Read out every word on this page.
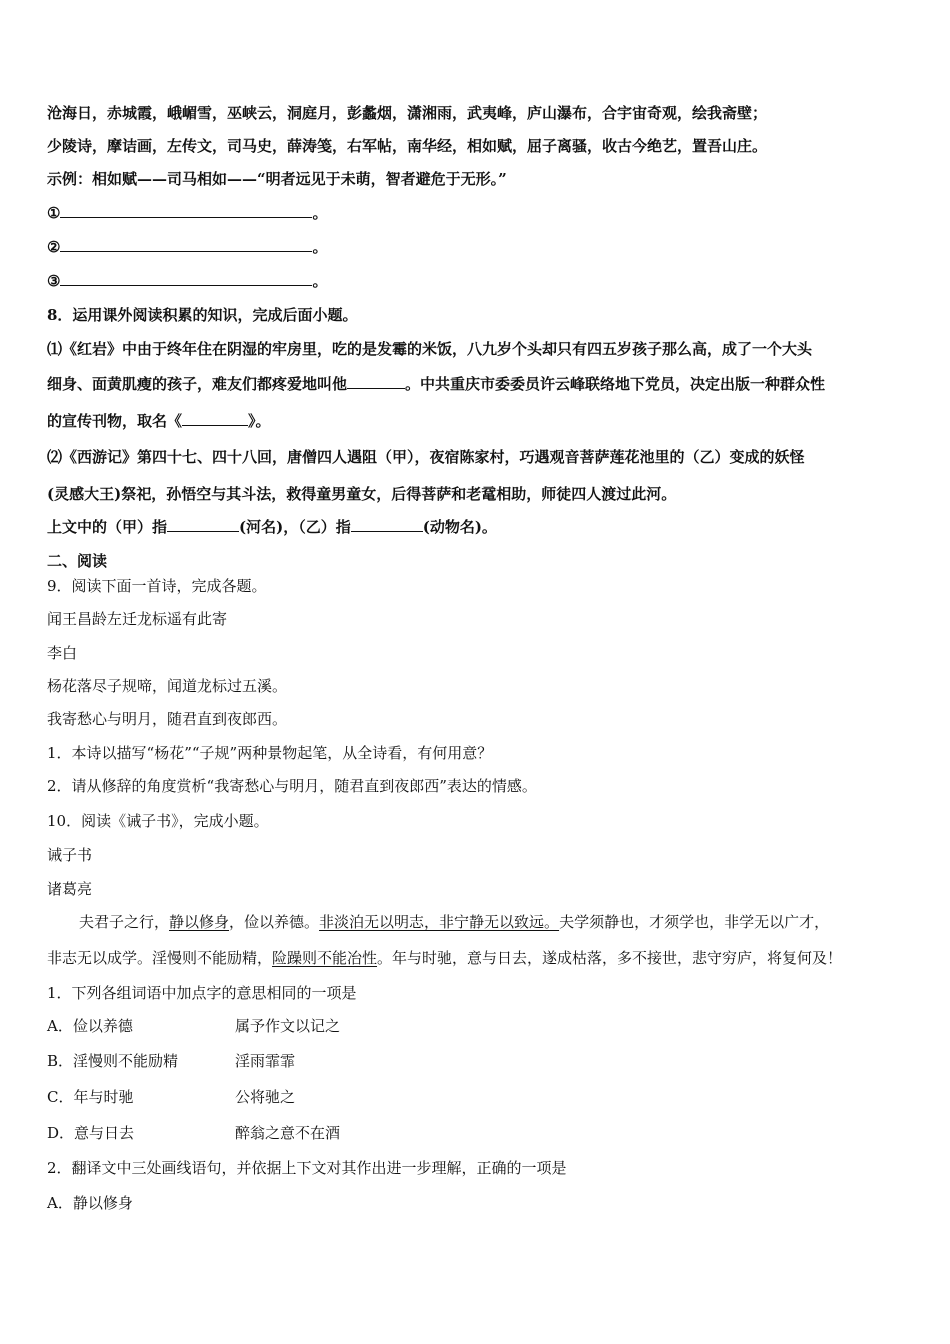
沧海日，赤城霞，峨嵋雪，巫峡云，洞庭月，彭蠡烟，潇湘雨，武夷峰，庐山瀑布，合宇宙奇观，绘我斋壁；
少陵诗，摩诘画，左传文，司马史，薛涛笺，右军帖，南华经，相如赋，屈子离骚，收古今绝艺，置吾山庄。
示例：相如赋——司马相如——“明者远见于未萌，智者避危于无形。”
①	。
②	。
③	。
8．运用课外阅读积累的知识，完成后面小题。
⑴《红岩》中由于终年住在阴湿的牢房里，吃的是发霉的米饭，八九岁个头却只有四五岁孩子那么高，成了一个大头
细身、面黄肌瘦的孩子，难友们都疼爱地叫他	。中共重庆市委委员许云峰联络地下党员，决定出版一种群众性
的宣传刊物，取名《	》。
⑵《西游记》第四十七、四十八回，唐僧四人遇阻（甲），夜宿陈家村，巧遇观音菩萨莲花池里的（乙）变成的妖怪
(灵感大王)祭祀，孙悟空与其斗法，救得童男童女，后得菩萨和老鼋相助，师徒四人渡过此河。
上文中的（甲）指	(河名)，（乙）指	(动物名)。
二、阅读
9．阅读下面一首诗，完成各题。
闻王昌龄左迁龙标遥有此寄
李白
杨花落尽子规啼，闻道龙标过五溪。
我寄愁心与明月，随君直到夜郎西。
1．本诗以描写“杨花”“子规”两种景物起笔，从全诗看，有何用意？
2．请从修辞的角度赏析“我寄愁心与明月，随君直到夜郎西”表达的情感。
10．阅读《诫子书》，完成小题。
诫子书
诸葛亮
夫君子之行，静以修身，俭以养德。非淡泊无以明志，非宁静无以致远。夫学须静也，才须学也，非学无以广才，
非志无以成学。淫慢则不能励精，险躁则不能冶性。年与时驰，意与日去，遂成枯落，多不接世，悲守穷庐，将复何及！
1．下列各组词语中加点字的意思相同的一项是
A．俭以养德	属予作文以记之
B．淫慢则不能励精	淫雨霏霏
C．年与时驰	公将驰之
D．意与日去	醉翁之意不在酒
2．翻译文中三处画线语句，并依据上下文对其作出进一步理解，正确的一项是
A．静以修身
